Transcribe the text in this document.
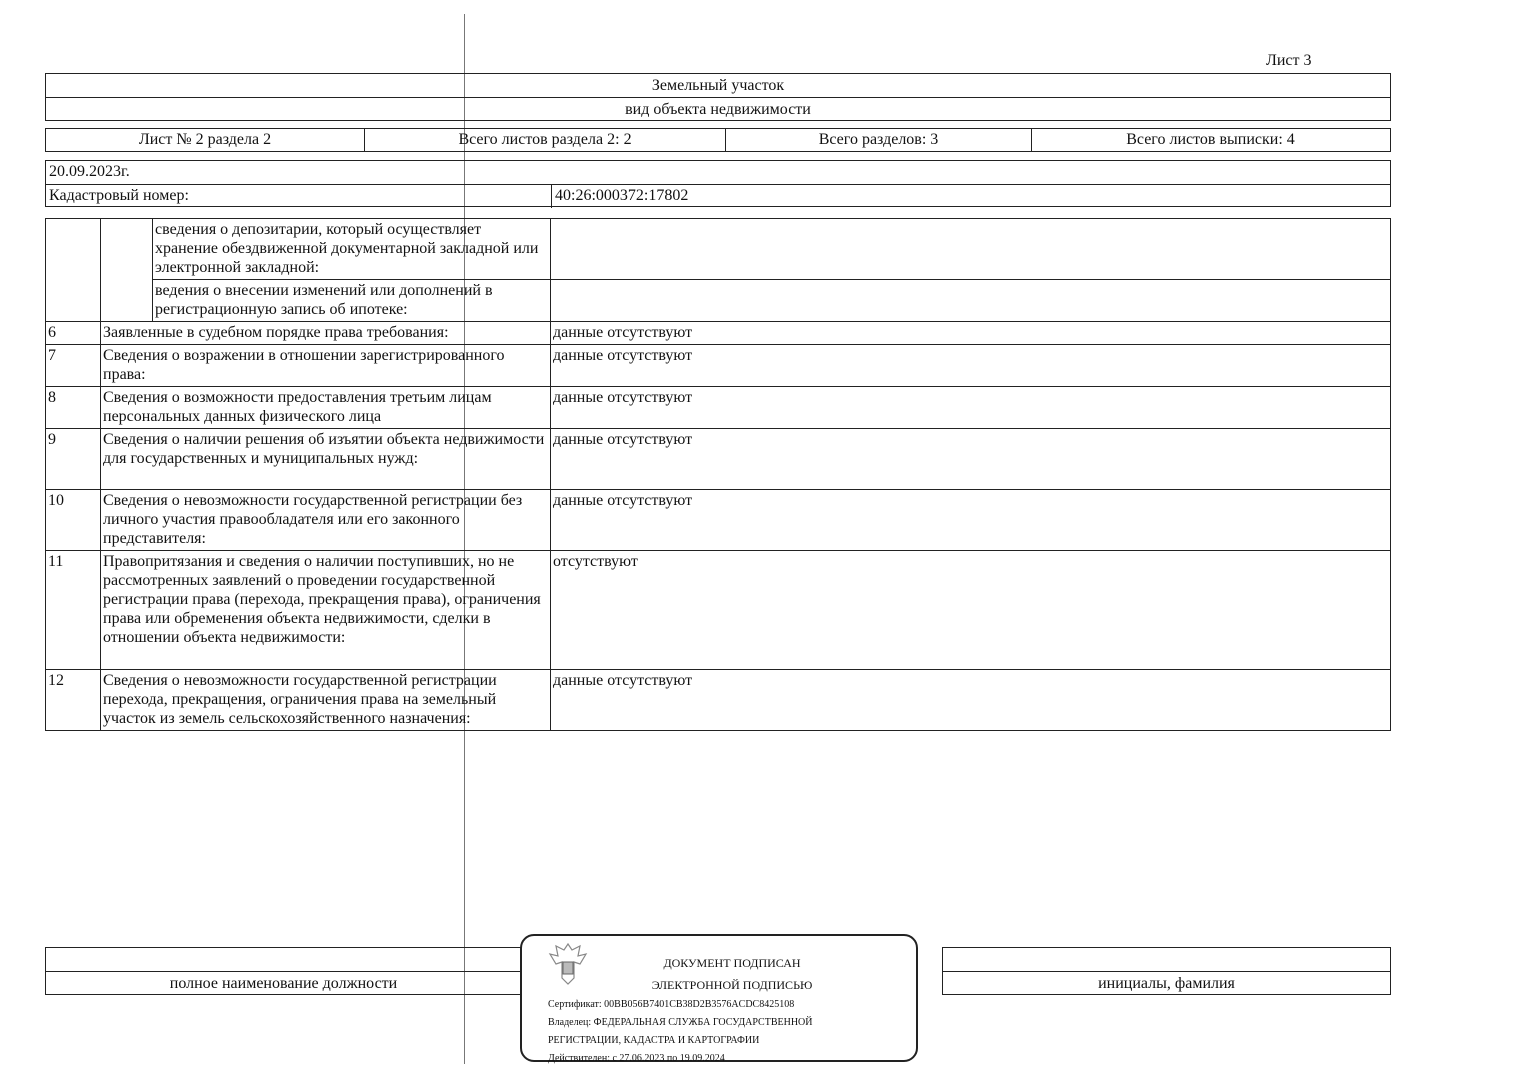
Лист 3
Земельный участок
вид объекта недвижимости
Лист № 2 раздела 2	Всего листов раздела 2: 2	Всего разделов: 3	Всего листов выписки: 4
20.09.2023г.
Кадастровый номер:	40:26:000372:17802
		сведения о депозитарии, который осуществляет хранение обездвиженной документарной закладной или электронной закладной:	
		ведения о внесении изменений или дополнений в регистрационную запись об ипотеке:	
6	Заявленные в судебном порядке права требования:		данные отсутствуют
7	Сведения о возражении в отношении зарегистрированного права:		данные отсутствуют
8	Сведения о возможности предоставления третьим лицам персональных данных физического лица		данные отсутствуют
9	Сведения о наличии решения об изъятии объекта недвижимости для государственных и муниципальных нужд:		данные отсутствуют
10	Сведения о невозможности государственной регистрации без личного участия правообладателя или его законного представителя:		данные отсутствуют
11	Правопритязания и сведения о наличии поступивших, но не рассмотренных заявлений о проведении государственной регистрации права (перехода, прекращения права), ограничения права или обременения объекта недвижимости, сделки в отношении объекта недвижимости:		отсутствуют
12	Сведения о невозможности государственной регистрации перехода, прекращения, ограничения права на земельный участок из земель сельскохозяйственного назначения:		данные отсутствуют
полное наименование должности	инициалы, фамилия
ДОКУМЕНТ ПОДПИСАН
ЭЛЕКТРОННОЙ ПОДПИСЬЮ
Сертификат: 00BB056B7401CB38D2B3576ACDC8425108
Владелец: ФЕДЕРАЛЬНАЯ СЛУЖБА ГОСУДАРСТВЕННОЙ
РЕГИСТРАЦИИ, КАДАСТРА И КАРТОГРАФИИ
Действителен: с 27.06.2023 по 19.09.2024
